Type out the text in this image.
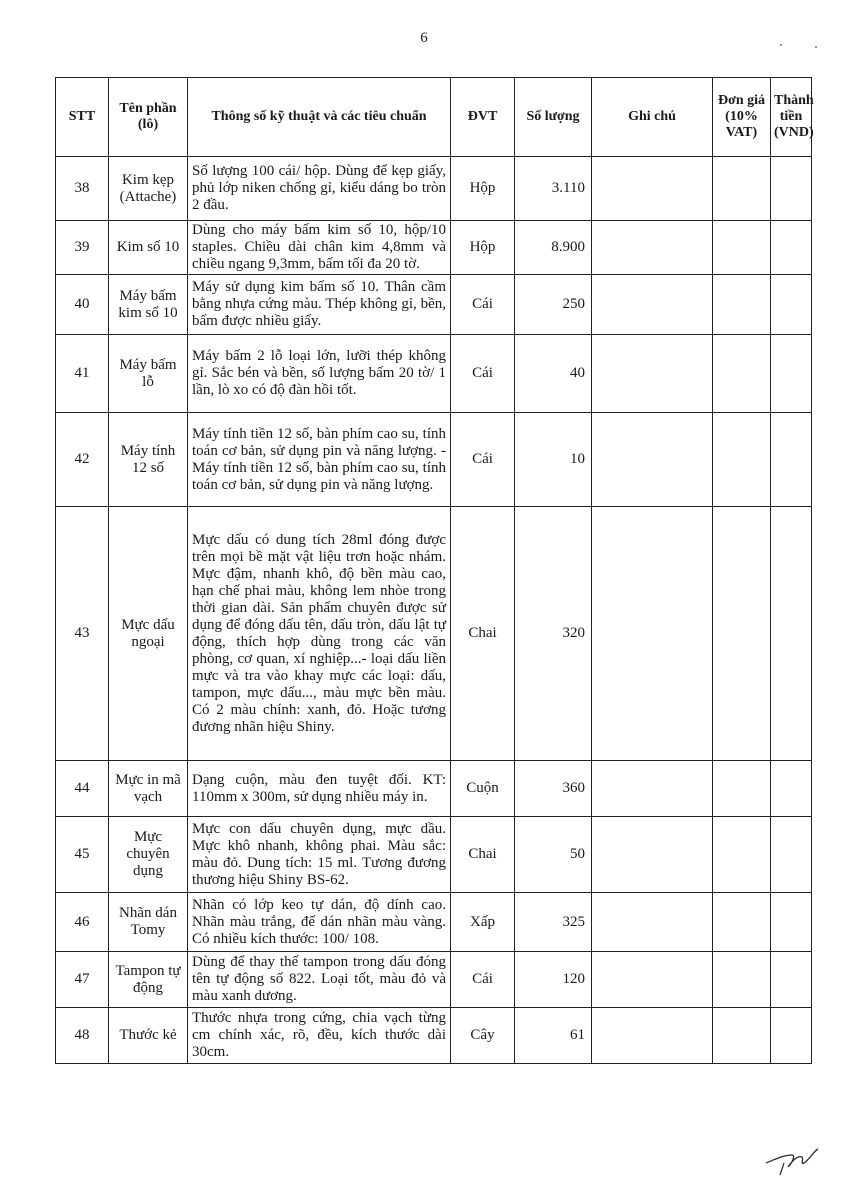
6
STT	Tên phần (lô)	Thông số kỹ thuật và các tiêu chuẩn	ĐVT	Số lượng	Ghi chú	Đơn giá (10% VAT)	Thành tiền (VND)
38	Kim kẹp (Attache)	Số lượng 100 cái/ hộp. Dùng để kẹp giấy, phủ lớp niken chống gỉ, kiểu dáng bo tròn 2 đầu.	Hộp	3.110			
39	Kim số 10	Dùng cho máy bấm kim số 10, hộp/10 staples. Chiều dài chân kim 4,8mm và chiều ngang 9,3mm, bấm tối đa 20 tờ.	Hộp	8.900			
40	Máy bấm kim số 10	Máy sử dụng kim bấm số 10. Thân cầm bằng nhựa cứng màu. Thép không gỉ, bền, bấm được nhiều giấy.	Cái	250			
41	Máy bấm lỗ	Máy bấm 2 lỗ loại lớn, lưỡi thép không gỉ. Sắc bén và bền, số lượng bấm 20 tờ/ 1 lần, lò xo có độ đàn hồi tốt.	Cái	40			
42	Máy tính 12 số	Máy tính tiền 12 số, bàn phím cao su, tính toán cơ bản, sử dụng pin và năng lượng. - Máy tính tiền 12 số, bàn phím cao su, tính toán cơ bản, sử dụng pin và năng lượng.	Cái	10			
43	Mực dấu ngoại	Mực dấu có dung tích 28ml đóng được trên mọi bề mặt vật liệu trơn hoặc nhám. Mực đậm, nhanh khô, độ bền màu cao, hạn chế phai màu, không lem nhòe trong thời gian dài. Sản phẩm chuyên được sử dụng để đóng dấu tên, dấu tròn, dấu lật tự động, thích hợp dùng trong các văn phòng, cơ quan, xí nghiệp...- loại dấu liền mực và tra vào khay mực các loại: dấu, tampon, mực dấu..., màu mực bền màu. Có 2 màu chính: xanh, đỏ. Hoặc tương đương nhãn hiệu Shiny.	Chai	320			
44	Mực in mã vạch	Dạng cuộn, màu đen tuyệt đối. KT: 110mm x 300m, sử dụng nhiều máy in.	Cuộn	360			
45	Mực chuyên dụng	Mực con dấu chuyên dụng, mực dầu. Mực khô nhanh, không phai. Màu sắc: màu đỏ. Dung tích: 15 ml. Tương đương thương hiệu Shiny BS-62.	Chai	50			
46	Nhãn dán Tomy	Nhãn có lớp keo tự dán, độ dính cao. Nhãn màu trắng, đế dán nhãn màu vàng. Có nhiều kích thước: 100/ 108.	Xấp	325			
47	Tampon tự động	Dùng để thay thế tampon trong dấu đóng tên tự động số 822. Loại tốt, màu đỏ và màu xanh dương.	Cái	120			
48	Thước kẻ	Thước nhựa trong cứng, chia vạch từng cm chính xác, rõ, đều, kích thước dài 30cm.	Cây	61			
